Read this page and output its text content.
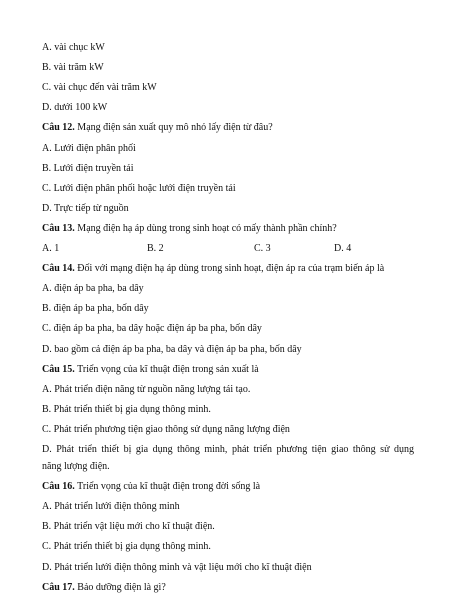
A. vài chục kW
B. vài trăm kW
C. vài chục đến vài trăm kW
D. dưới 100 kW
Câu 12. Mạng điện sản xuất quy mô nhỏ lấy điện từ đâu?
A. Lưới điện phân phối
B. Lưới điện truyền tải
C. Lưới điện phân phối hoặc lưới điện truyền tải
D. Trực tiếp từ nguồn
Câu 13. Mạng điện hạ áp dùng trong sinh hoạt có mấy thành phần chính?
A. 1	B. 2	C. 3	D. 4
Câu 14. Đối với mạng điện hạ áp dùng trong sinh hoạt, điện áp ra của trạm biến áp là
A. điện áp ba pha, ba dây
B. điện áp ba pha, bốn dây
C. điện áp ba pha, ba dây hoặc điện áp ba pha, bốn dây
D. bao gồm cả điện áp ba pha, ba dây và điện áp ba pha, bốn dây
Câu 15. Triển vọng của kĩ thuật điện trong sản xuất là
A. Phát triển điện năng từ nguồn năng lượng tái tạo.
B. Phát triển thiết bị gia dụng thông minh.
C. Phát triển phương tiện giao thông sử dụng năng lượng điện
D. Phát triển thiết bị gia dụng thông minh, phát triển phương tiện giao thông sử dụng
năng lượng điện.
Câu 16. Triển vọng của kĩ thuật điện trong đời sống là
A. Phát triển lưới điện thông minh
B. Phát triển vật liệu mới cho kĩ thuật điện.
C. Phát triển thiết bị gia dụng thông minh.
D. Phát triển lưới điện thông minh và vật liệu mới cho kĩ thuật điện
Câu 17. Bảo dưỡng điện là gì?
